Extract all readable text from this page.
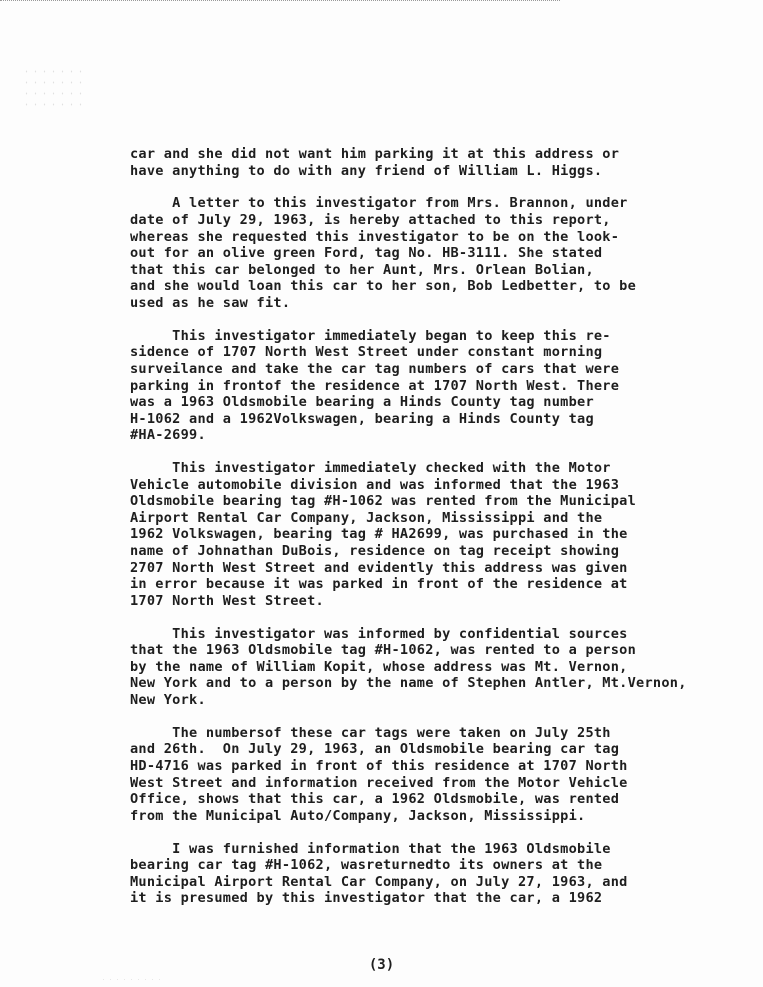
car and she did not want him parking it at this address or
have anything to do with any friend of William L. Higgs.
A letter to this investigator from Mrs. Brannon, under
date of July 29, 1963, is hereby attached to this report,
whereas she requested this investigator to be on the look-
out for an olive green Ford, tag No. HB-3111. She stated
that this car belonged to her Aunt, Mrs. Orlean Bolian,
and she would loan this car to her son, Bob Ledbetter, to be
used as he saw fit.
This investigator immediately began to keep this re-
sidence of 1707 North West Street under constant morning
surveilance and take the car tag numbers of cars that were
parking in frontof the residence at 1707 North West. There
was a 1963 Oldsmobile bearing a Hinds County tag number
H-1062 and a 1962Volkswagen, bearing a Hinds County tag
#HA-2699.
This investigator immediately checked with the Motor
Vehicle automobile division and was informed that the 1963
Oldsmobile bearing tag #H-1062 was rented from the Municipal
Airport Rental Car Company, Jackson, Mississippi and the
1962 Volkswagen, bearing tag # HA2699, was purchased in the
name of Johnathan DuBois, residence on tag receipt showing
2707 North West Street and evidently this address was given
in error because it was parked in front of the residence at
1707 North West Street.
This investigator was informed by confidential sources
that the 1963 Oldsmobile tag #H-1062, was rented to a person
by the name of William Kopit, whose address was Mt. Vernon,
New York and to a person by the name of Stephen Antler, Mt.Vernon,
New York.
The numbersof these car tags were taken on July 25th
and 26th.  On July 29, 1963, an Oldsmobile bearing car tag
HD-4716 was parked in front of this residence at 1707 North
West Street and information received from the Motor Vehicle
Office, shows that this car, a 1962 Oldsmobile, was rented
from the Municipal Auto/Company, Jackson, Mississippi.
I was furnished information that the 1963 Oldsmobile
bearing car tag #H-1062, wasreturnedto its owners at the
Municipal Airport Rental Car Company, on July 27, 1963, and
it is presumed by this investigator that the car, a 1962
(3)
